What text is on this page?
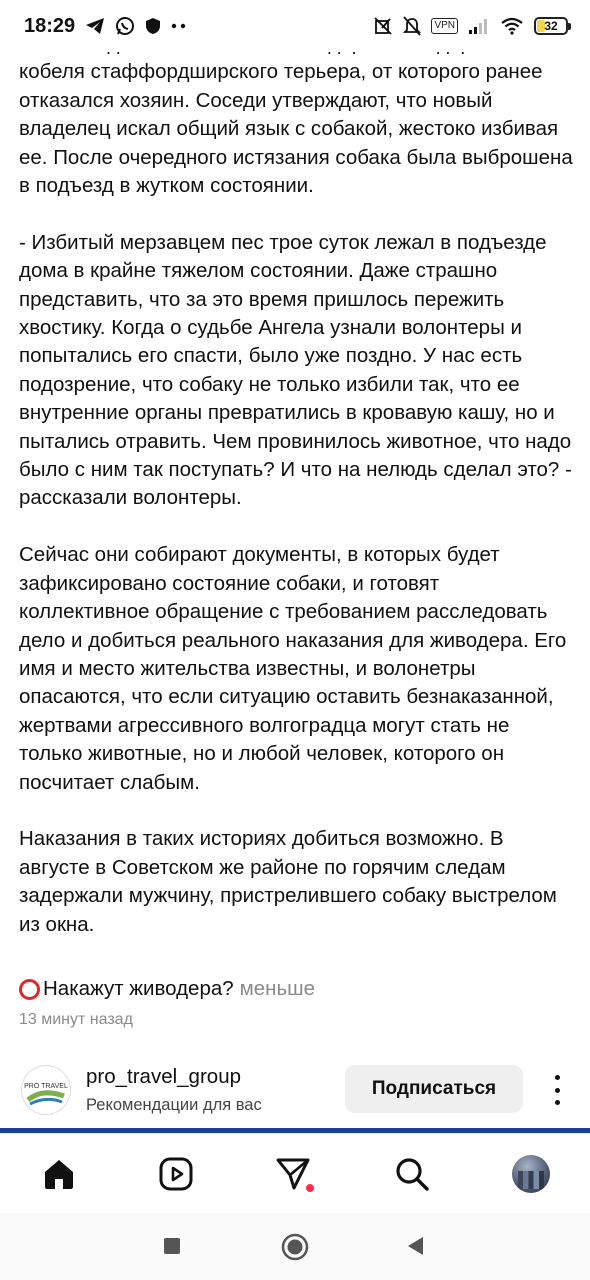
18:29	VPN	32

кобеля стаффордширского терьера, от которого ранее отказался хозяин. Соседи утверждают, что новый владелец искал общий язык с собакой, жестоко избивая ее. После очередного истязания собака была выброшена в подъезд в жутком состоянии.

- Избитый мерзавцем пес трое суток лежал в подъезде дома в крайне тяжелом состоянии. Даже страшно представить, что за это время пришлось пережить хвостику. Когда о судьбе Ангела узнали волонтеры и попытались его спасти, было уже поздно. У нас есть подозрение, что собаку не только избили так, что ее внутренние органы превратились в кровавую кашу, но и пытались отравить. Чем провинилось животное, что надо было с ним так поступать? И что на нелюдь сделал это? - рассказали волонтеры.

Сейчас они собирают документы, в которых будет зафиксировано состояние собаки, и готовят коллективное обращение с требованием расследовать дело и добиться реального наказания для живодера. Его имя и место жительства известны, и волонетры опасаются, что если ситуацию оставить безнаказанной, жертвами агрессивного волгоградца могут стать не только животные, но и любой человек, которого он посчитает слабым.

Наказания в таких историях добиться возможно. В августе в Советском же районе по горячим следам задержали мужчину, пристрелившего собаку выстрелом из окна.

Накажут живодера? меньше
13 минут назад
PRO TRAVEL pro_travel_group
Рекомендации для вас
Подписаться
